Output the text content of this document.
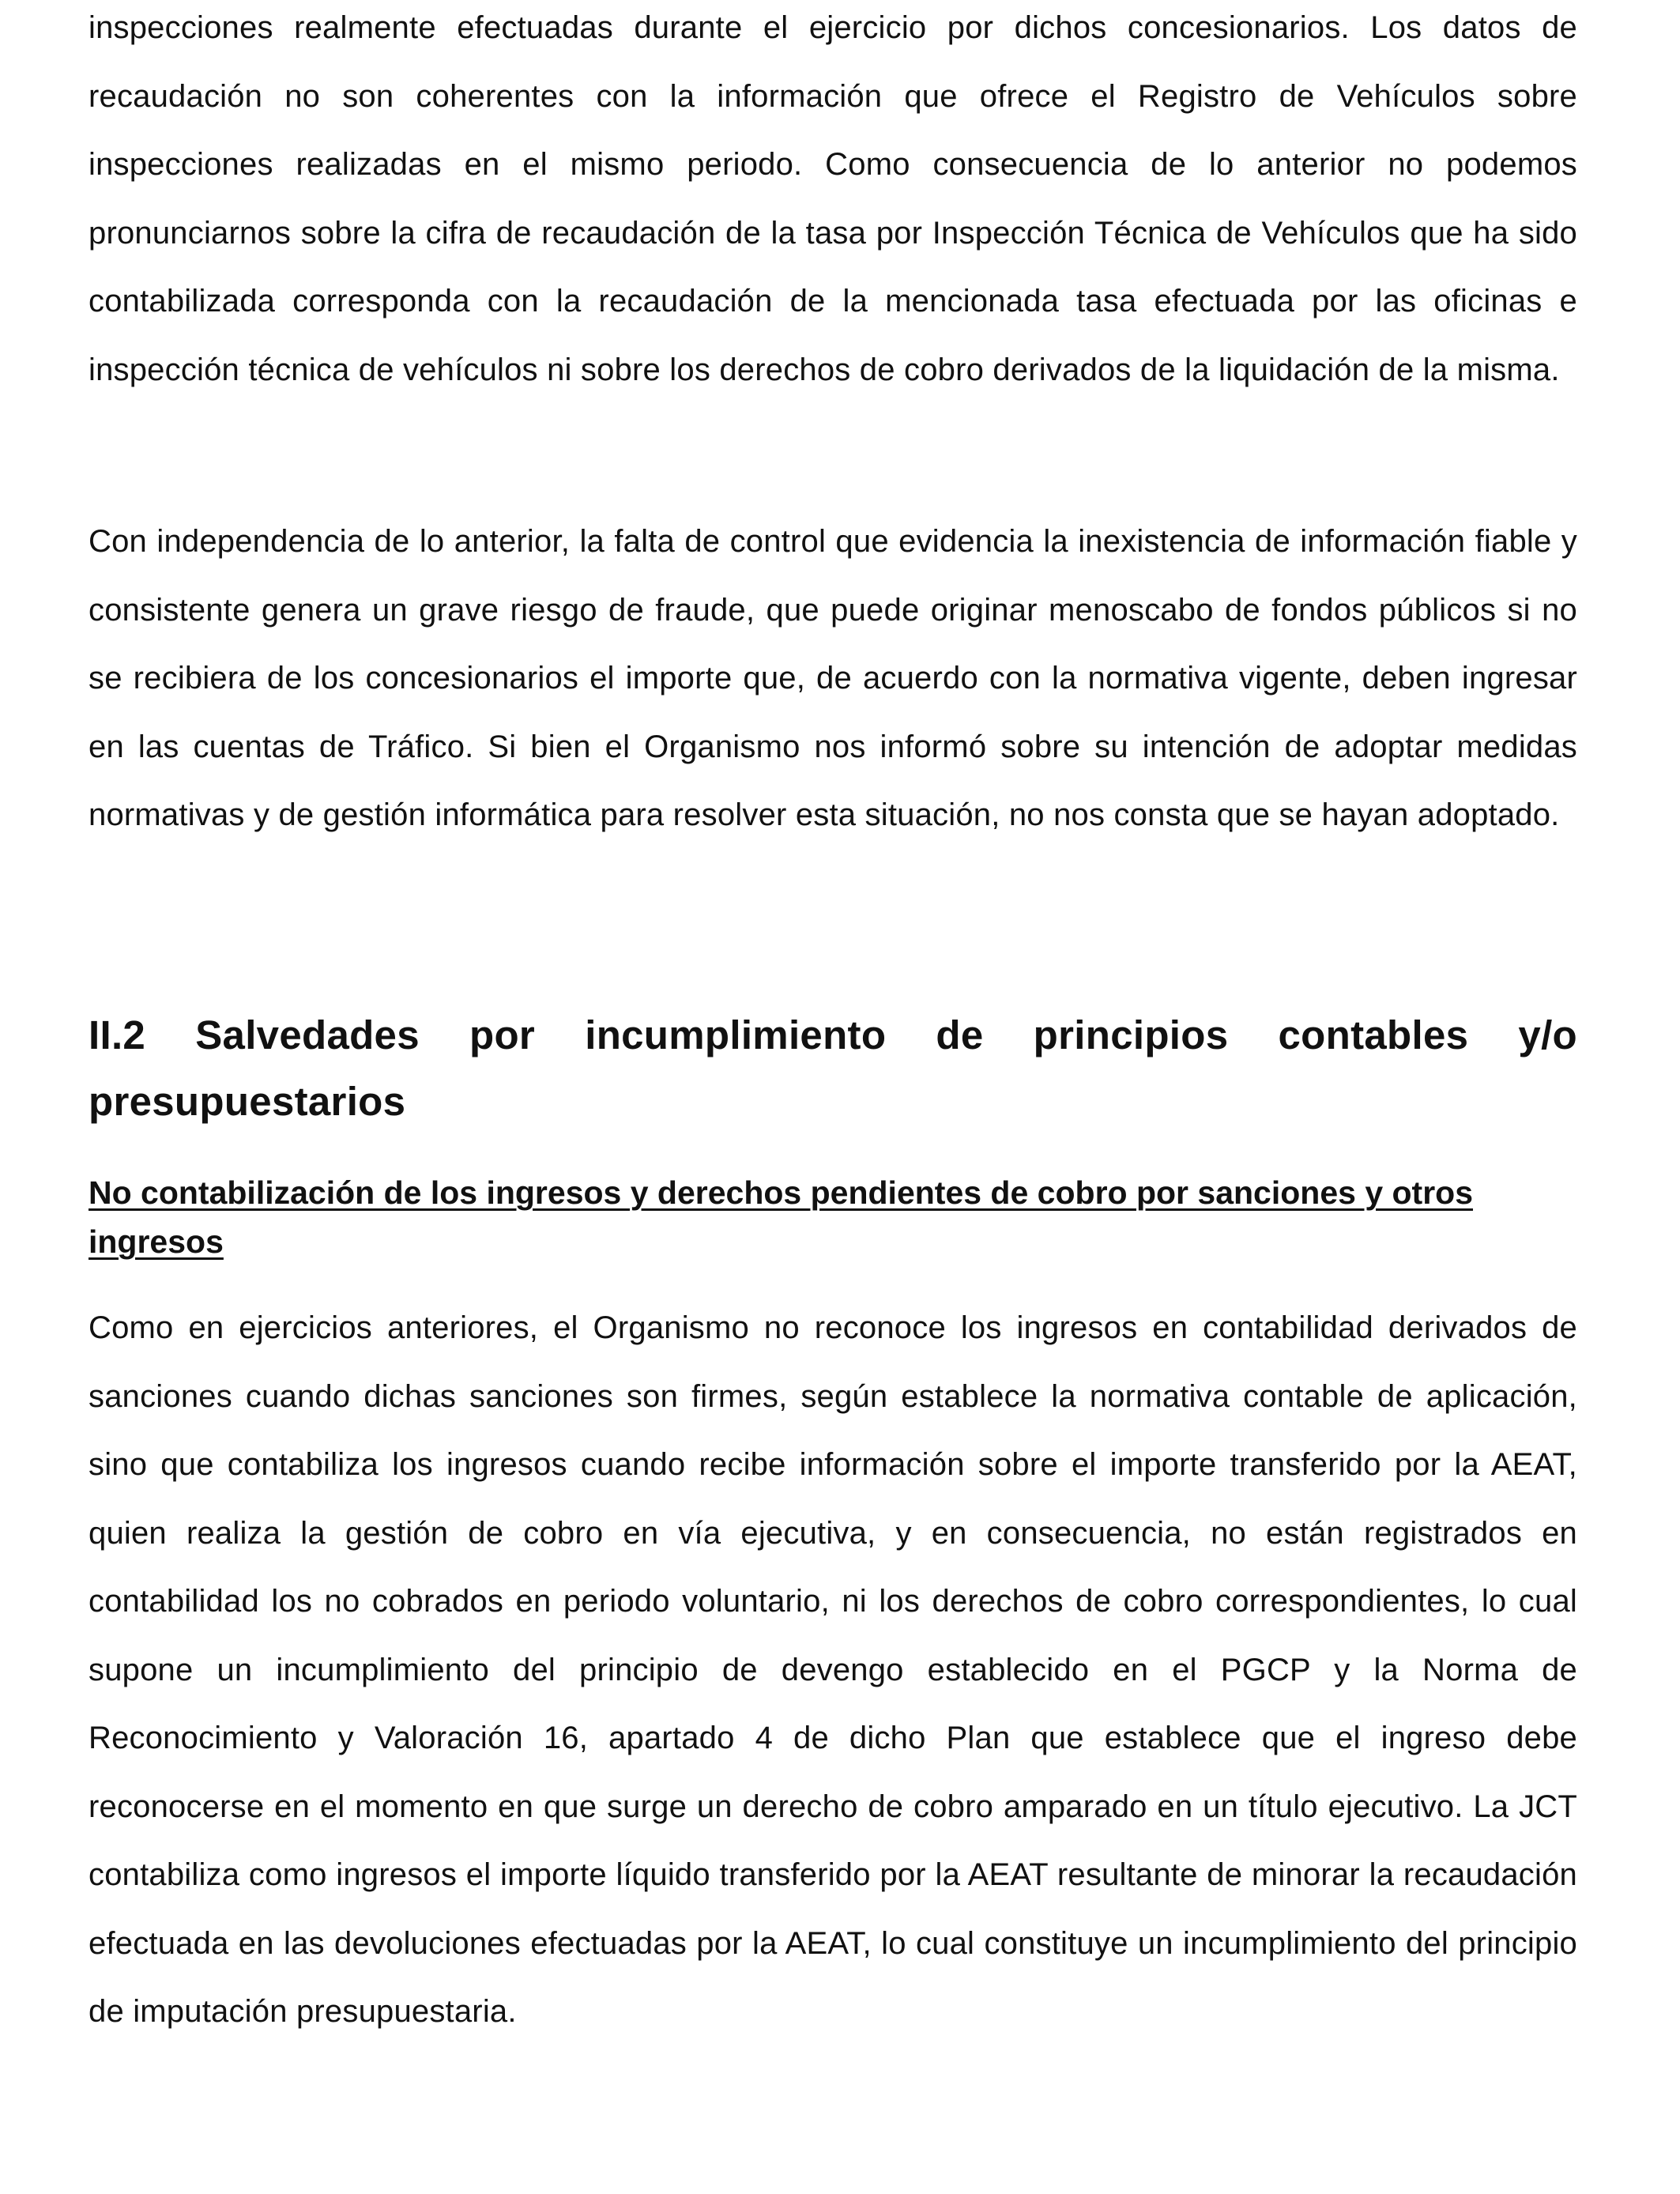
inspecciones realmente efectuadas durante el ejercicio por dichos concesionarios. Los datos de recaudación no son coherentes con la información que ofrece el Registro de Vehículos sobre inspecciones realizadas en el mismo periodo. Como consecuencia de lo anterior no podemos pronunciarnos sobre la cifra de recaudación de la tasa por Inspección Técnica de Vehículos que ha sido contabilizada corresponda con la recaudación de la mencionada tasa efectuada por las oficinas e inspección técnica de vehículos ni sobre los derechos de cobro derivados de la liquidación de la misma.

Con independencia de lo anterior, la falta de control que evidencia la inexistencia de información fiable y consistente genera un grave riesgo de fraude, que puede originar menoscabo de fondos públicos si no se recibiera de los concesionarios el importe que, de acuerdo con la normativa vigente, deben ingresar en las cuentas de Tráfico. Si bien el Organismo nos informó sobre su intención de adoptar medidas normativas y de gestión informática para resolver esta situación, no nos consta que se hayan adoptado.

II.2 Salvedades por incumplimiento de principios contables y/o presupuestarios
No contabilización de los ingresos y derechos pendientes de cobro por sanciones y otros ingresos

Como en ejercicios anteriores, el Organismo no reconoce los ingresos en contabilidad derivados de sanciones cuando dichas sanciones son firmes, según establece la normativa contable de aplicación, sino que contabiliza los ingresos cuando recibe información sobre el importe transferido por la AEAT, quien realiza la gestión de cobro en vía ejecutiva, y en consecuencia, no están registrados en contabilidad los no cobrados en periodo voluntario, ni los derechos de cobro correspondientes, lo cual supone un incumplimiento del principio de devengo establecido en el PGCP y la Norma de Reconocimiento y Valoración 16, apartado 4 de dicho Plan que establece que el ingreso debe reconocerse en el momento en que surge un derecho de cobro amparado en un título ejecutivo. La JCT contabiliza como ingresos el importe líquido transferido por la AEAT resultante de minorar la recaudación efectuada en las devoluciones efectuadas por la AEAT, lo cual constituye un incumplimiento del principio de imputación presupuestaria.
